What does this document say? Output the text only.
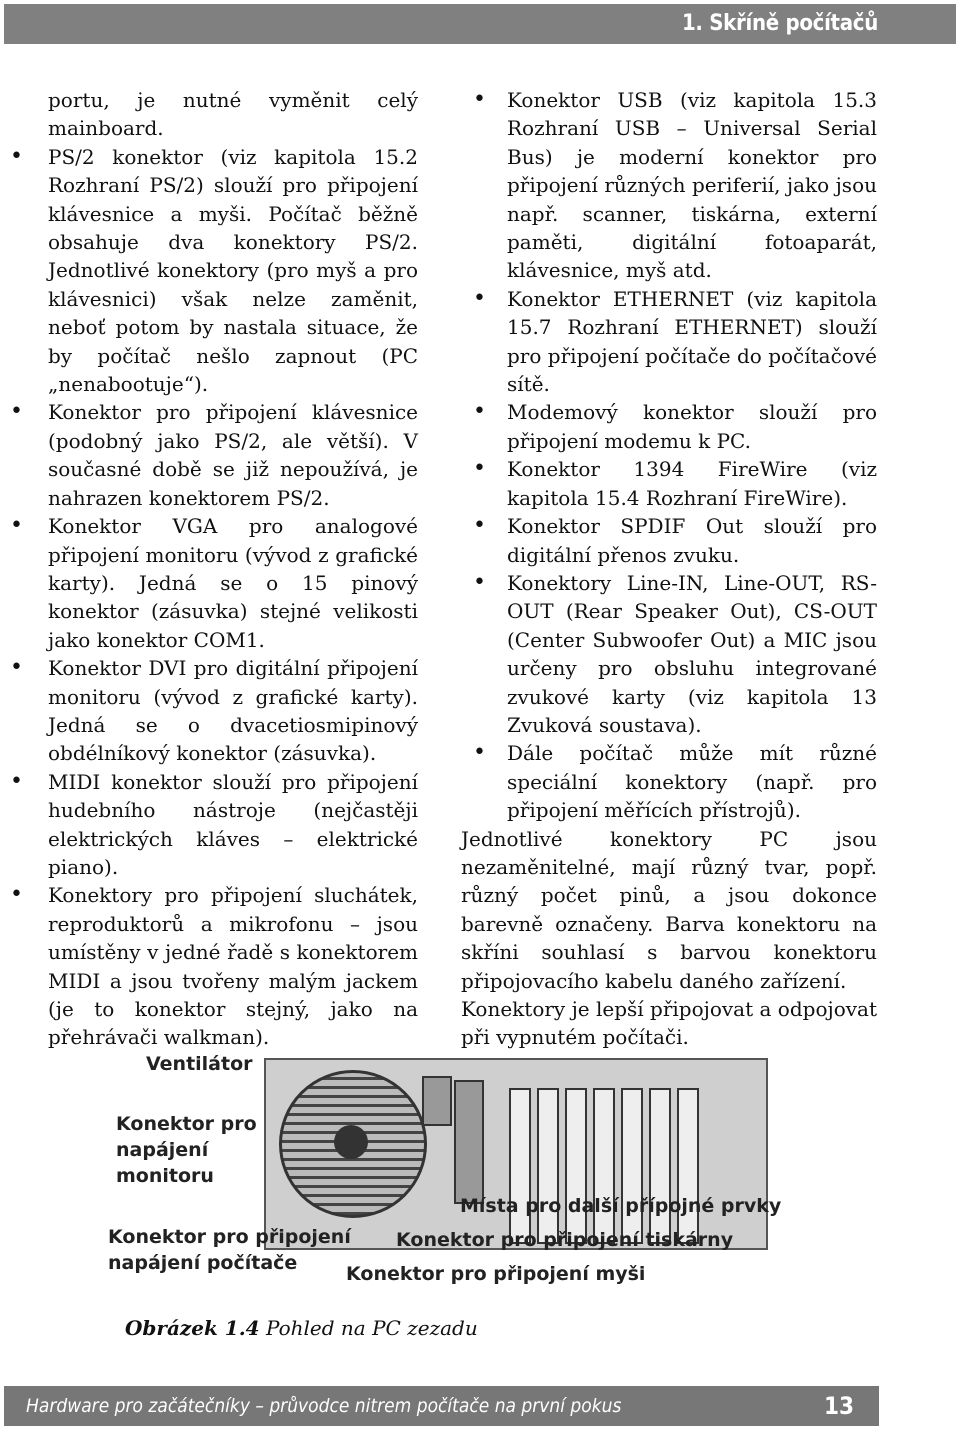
1. Skříně počítačů

portu, je nutné vyměnit celý mainboard.

• PS/2 konektor (viz kapitola 15.2 Rozhraní PS/2) slouží pro připojení klávesnice a myši. Počítač běžně obsahuje dva konektory PS/2. Jednotlivé konektory (pro myš a pro klávesnici) však nelze zaměnit, neboť potom by nastala situace, že by počítač nešlo zapnout (PC „nenabootuje“).
• Konektor pro připojení klávesnice (podobný jako PS/2, ale větší). V současné době se již nepoužívá, je nahrazen konektorem PS/2.
• Konektor VGA pro analogové připojení monitoru (vývod z grafické karty). Jedná se o 15 pinový konektor (zásuvka) stejné velikosti jako konektor COM1.
• Konektor DVI pro digitální připojení monitoru (vývod z grafické karty). Jedná se o dvacetiosmipinový obdélníkový konektor (zásuvka).
• MIDI konektor slouží pro připojení hudebního nástroje (nejčastěji elektrických kláves – elektrické piano).
• Konektory pro připojení sluchátek, reproduktorů a mikrofonu – jsou umístěny v jedné řadě s konektorem MIDI a jsou tvořeny malým jackem (je to konektor stejný, jako na přehrávači walkman).
• Konektor USB (viz kapitola 15.3 Rozhraní USB – Universal Serial Bus) je moderní konektor pro připojení různých periferií, jako jsou např. scanner, tiskárna, externí paměti, digitální fotoaparát, klávesnice, myš atd.
• Konektor ETHERNET (viz kapitola 15.7 Rozhraní ETHERNET) slouží pro připojení počítače do počítačové sítě.
• Modemový konektor slouží pro připojení modemu k PC.
• Konektor 1394 FireWire (viz kapitola 15.4 Rozhraní FireWire).
• Konektor SPDIF Out slouží pro digitální přenos zvuku.
• Konektory Line-IN, Line-OUT, RS-OUT (Rear Speaker Out), CS-OUT (Center Subwoofer Out) a MIC jsou určeny pro obsluhu integrované zvukové karty (viz kapitola 13 Zvuková soustava).
• Dále počítač může mít různé speciální konektory (např. pro připojení měřících přístrojů).

Jednotlivé konektory PC jsou nezaměnitelné, mají různý tvar, popř. různý počet pinů, a jsou dokonce barevně označeny. Barva konektoru na skříni souhlasí s barvou konektoru připojovacího kabelu daného zařízení.

Konektory je lepší připojovat a odpojovat při vypnutém počítači.

Ventilátor
Konektor pro
napájení
monitoru
Konektor pro připojení
napájení počítače
Místa pro další přípojné prvky
Konektor pro připojení tiskárny
Konektor pro připojení myši
Obrázek 1.4 Pohled na PC zezadu
Hardware pro začátečníky – průvodce nitrem počítače na první pokus	13
